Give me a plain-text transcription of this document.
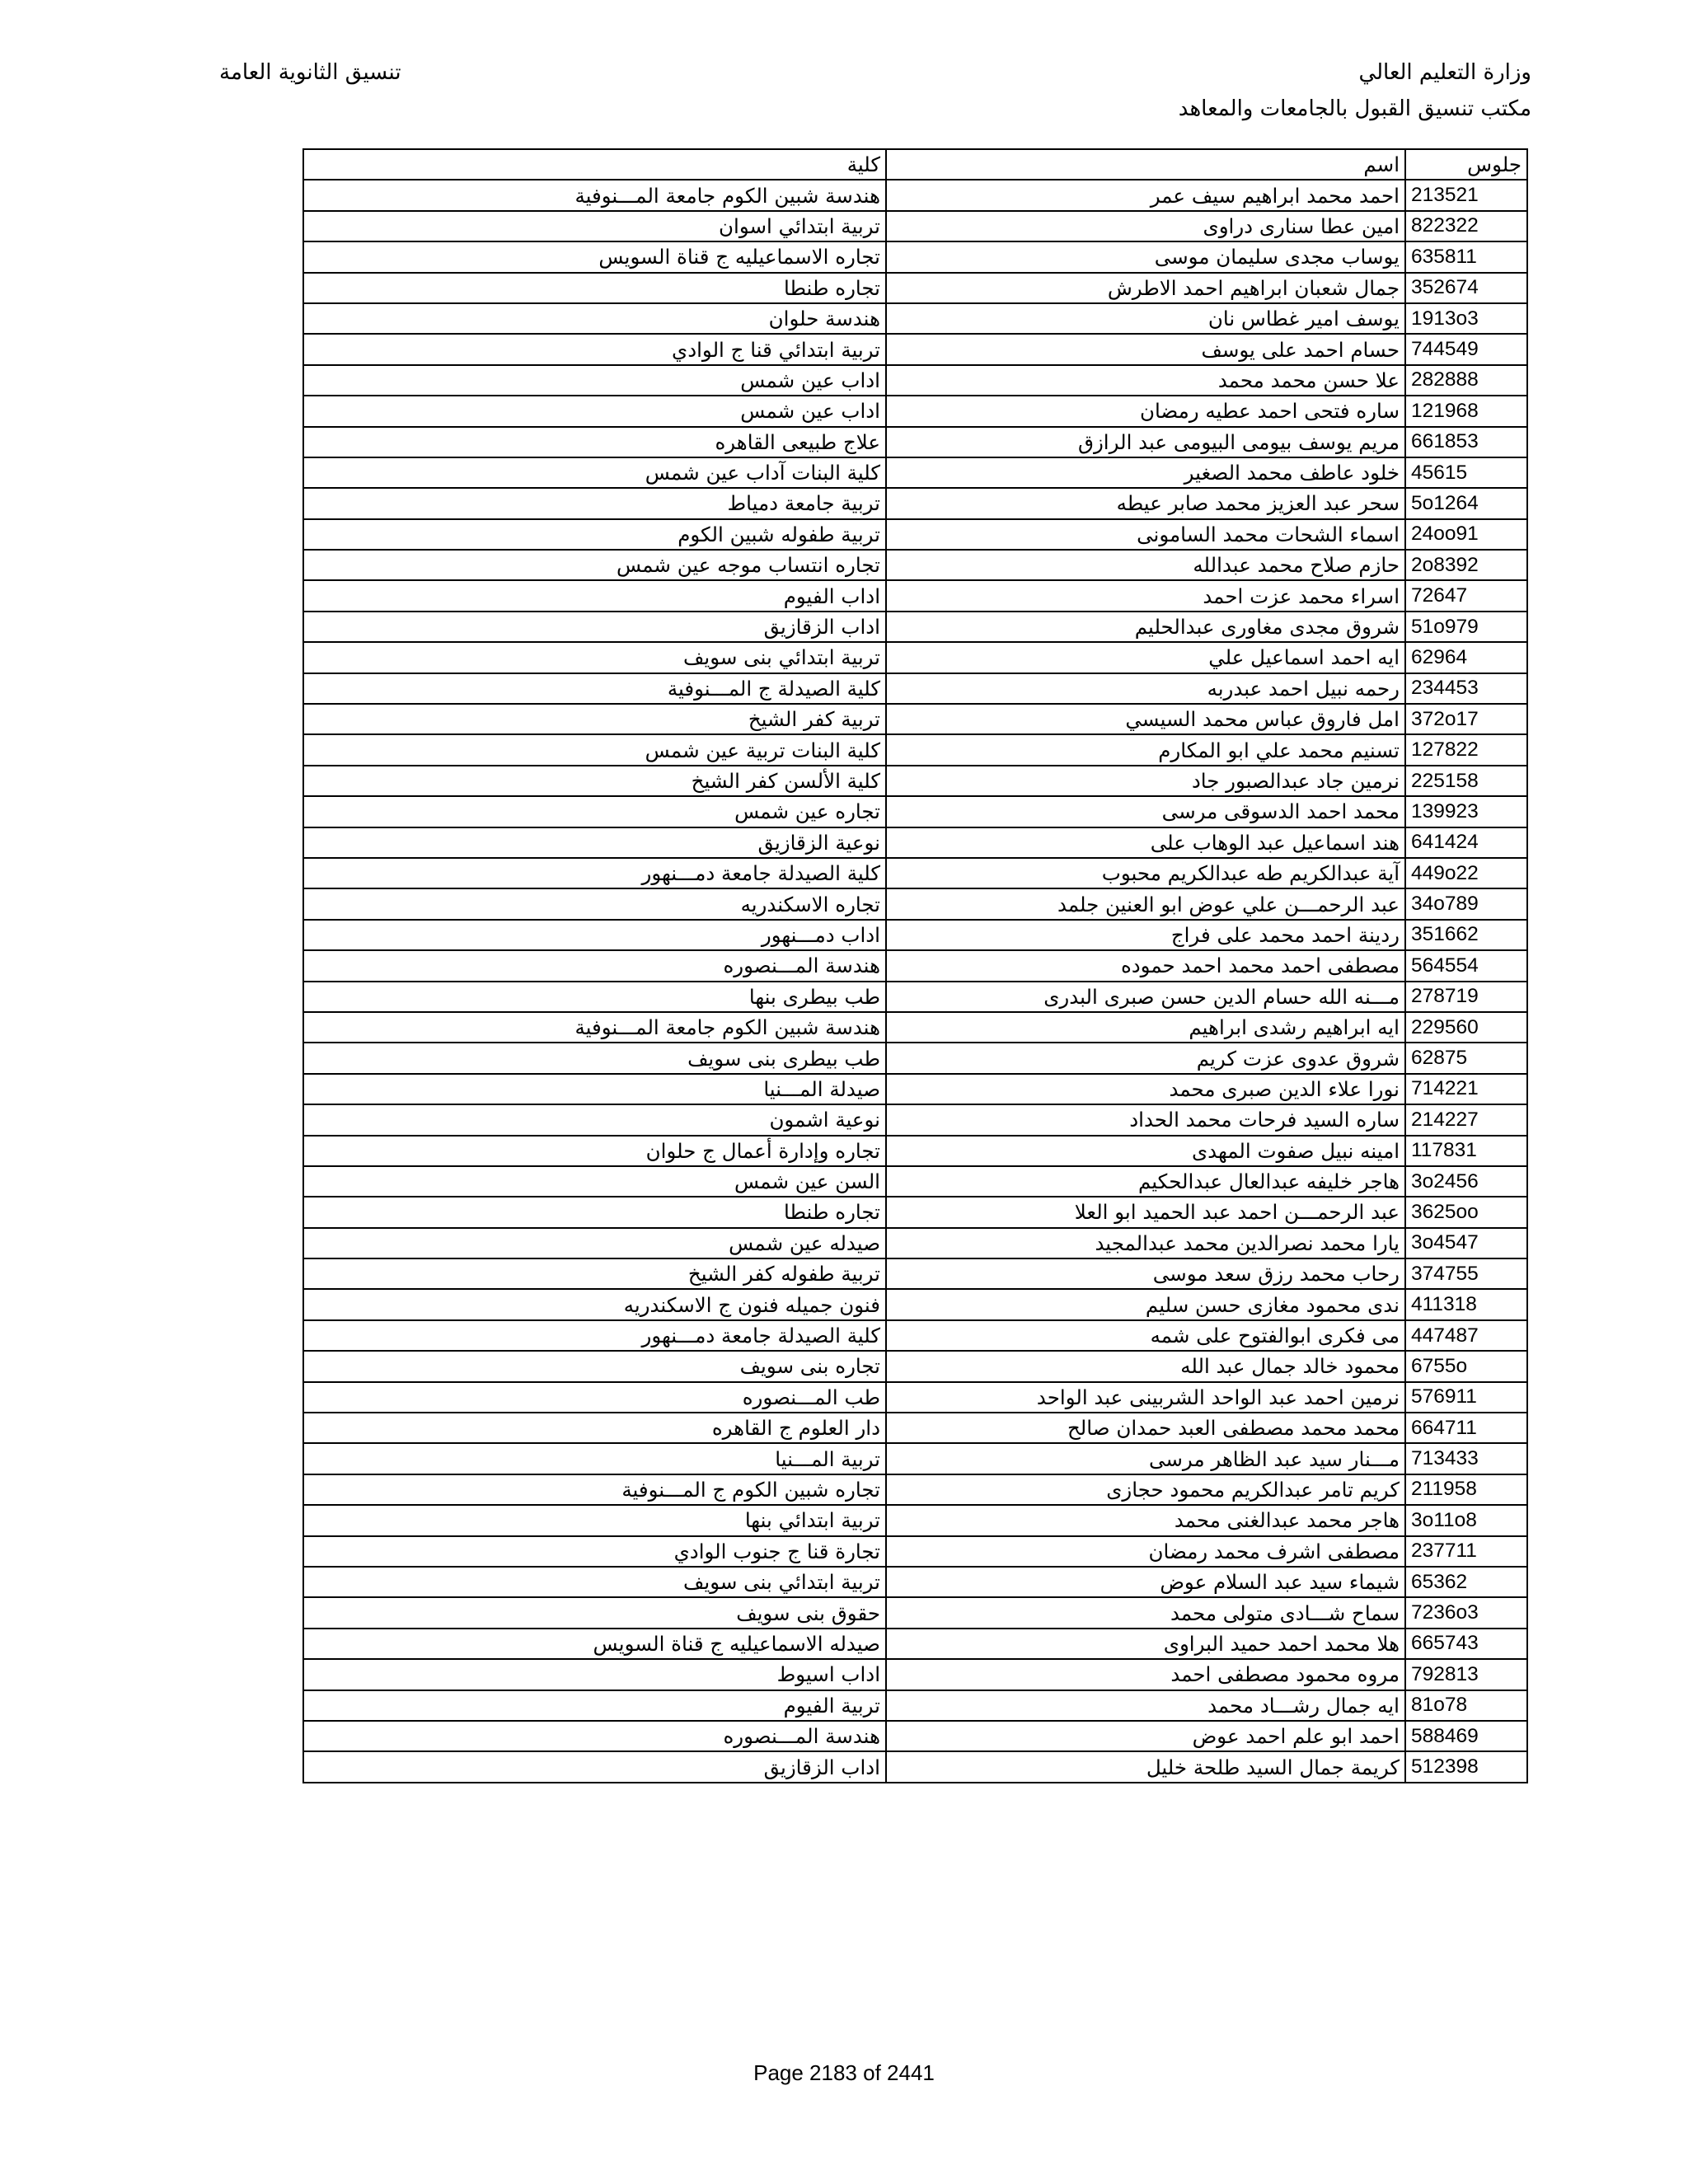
وزارة التعليم العالي
مكتب تنسيق القبول بالجامعات والمعاهد
تنسيق الثانوية العامة
كلية	اسم	جلوس
هندسة شبين الكوم جامعة المـــنوفية	احمد محمد ابراهيم سيف عمر	213521
تربية ابتدائي اسوان	امين عطا سنارى دراوى	822322
تجاره الاسماعيليه ج قناة السويس	يوساب مجدى سليمان موسى	635811
تجاره طنطا	جمال شعبان ابراهيم احمد الاطرش	352674
هندسة حلوان	يوسف امير غطاس نان	1913o3
تربية ابتدائي قنا ج الوادي	حسام احمد على يوسف	744549
اداب عين شمس	علا حسن محمد محمد	282888
اداب عين شمس	ساره فتحى احمد عطيه رمضان	121968
علاج طبيعى القاهره	مريم يوسف بيومى البيومى عبد الرازق	661853
كلية البنات آداب عين شمس	خلود عاطف محمد الصغير	45615
تربية جامعة دمياط	سحر عبد العزيز محمد صابر عيطه	5o1264
تربية طفوله شبين الكوم	اسماء الشحات محمد السامونى	24oo91
تجاره انتساب موجه عين شمس	حازم صلاح محمد عبدالله	2o8392
اداب الفيوم	اسراء محمد عزت احمد	72647
اداب الزقازيق	شروق مجدى مغاورى عبدالحليم	51o979
تربية ابتدائي بنى سويف	ايه احمد اسماعيل علي	62964
كلية الصيدلة ج المـــنوفية	رحمه نبيل احمد عبدربه	234453
تربية كفر الشيخ	امل فاروق عباس محمد السيسي	372o17
كلية البنات تربية عين شمس	تسنيم محمد علي ابو المكارم	127822
كلية الألسن كفر الشيخ	نرمين جاد عبدالصبور جاد	225158
تجاره عين شمس	محمد احمد الدسوقى مرسى	139923
نوعية الزقازيق	هند اسماعيل عبد الوهاب على	641424
كلية الصيدلة جامعة دمـــنهور	آية عبدالكريم طه عبدالكريم محبوب	449o22
تجاره الاسكندريه	عبد الرحمـــن علي عوض ابو العنين جلمد	34o789
اداب دمـــنهور	ردينة احمد محمد على فراج	351662
هندسة المـــنصوره	مصطفى احمد محمد احمد حموده	564554
طب بيطرى بنها	مـــنه الله حسام الدين حسن صبرى البدرى	278719
هندسة شبين الكوم جامعة المـــنوفية	ايه ابراهيم رشدى ابراهيم	229560
طب بيطرى بنى سويف	شروق عدوى عزت كريم	62875
صيدلة المـــنيا	نورا علاء الدين صبرى محمد	714221
نوعية اشمون	ساره السيد فرحات محمد الحداد	214227
تجاره وإدارة أعمال ج حلوان	امينه نبيل صفوت المهدى	117831
السن عين شمس	هاجر خليفه عبدالعال عبدالحكيم	3o2456
تجاره طنطا	عبد الرحمـــن احمد عبد الحميد ابو العلا	3625oo
صيدله عين شمس	يارا محمد نصرالدين محمد عبدالمجيد	3o4547
تربية طفوله كفر الشيخ	رحاب محمد رزق سعد موسى	374755
فنون جميله فنون ج الاسكندريه	ندى محمود مغازى حسن سليم	411318
كلية الصيدلة جامعة دمـــنهور	مى فكرى ابوالفتوح على شمه	447487
تجاره بنى سويف	محمود خالد جمال عبد الله	6755o
طب المـــنصوره	نرمين احمد عبد الواحد الشربينى عبد الواحد	576911
دار العلوم ج القاهره	محمد محمد مصطفى العبد حمدان صالح	664711
تربية المـــنيا	مـــنار سيد عبد الظاهر مرسى	713433
تجاره شبين الكوم ج المـــنوفية	كريم تامر عبدالكريم محمود حجازى	211958
تربية ابتدائي بنها	هاجر محمد عبدالغنى محمد	3o11o8
تجارة قنا ج جنوب الوادي	مصطفى اشرف محمد رمضان	237711
تربية ابتدائي بنى سويف	شيماء سيد عبد السلام عوض	65362
حقوق بنى سويف	سماح شـــادى متولى محمد	7236o3
صيدله الاسماعيليه ج قناة السويس	هلا محمد احمد حميد البراوى	665743
اداب اسيوط	مروه محمود مصطفى احمد	792813
تربية الفيوم	ايه جمال رشـــاد محمد	81o78
هندسة المـــنصوره	احمد ابو علم احمد عوض	588469
اداب الزقازيق	كريمة جمال السيد طلحة خليل	512398
Page 2183 of 2441
